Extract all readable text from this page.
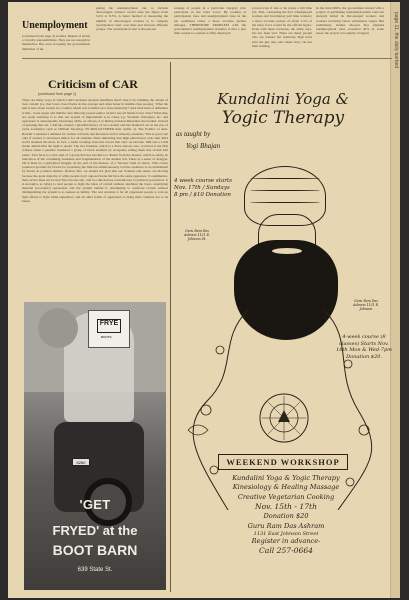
page 11, the daily barbed
Unemployment
(continued from page 4) worked. Instead of attack or loyalty responsibilities. They are not enough in themselves. But even accepting the governments definition of un-
paring the unemployment rate to include discouraged workers would raise the figure from 5.4% to 9.3%. A better method of measuring the number of discouraged workers is to compare 'participation rates' over time and between different groups. The 'participation rate' is the percent
centage of people in a particular category who participate in the labor force. By looking at participation rates and unemployment rates in the ten wealthiest cities, a more accurate picture emerges. THEREFORE PROBLEM with the government's unemployment statistics is that a part time worker is counted as fully employed
proved even if she or he wants a full time job. That, contrasting the fact: Unemployed workers and involuntary part time workers; a more accurate picture of about 1.5% of the labor force would be the official figure. Even with these revisions, the study says, has not been told. There are many people who are trained but relatively high level jobs but just take jobs where they can use their training.
In the mid-1960's, the government started with a project of publishing underemployment rates but abruptly halted its discouraged workers and workers receiving below subsistence wages. But preliminary studies showed that adjusted unemployment rates exceeded 40% in some areas; the project was quietly scrapped.
Criticism of CAR
(continued from page 1)
There are many ways in which CAR's insistent analysis manifests itself. One is by brushing the advent of 'new racism' (i.e. that lower class blacks do the average and often better in middle class people). 'What the hell is new about racism in a country which was founded on a slave mentality?' And what kind of definition is this - lower upper and middle class minority people earlier racists? Are all blacks lower class? What they are really referring to is that our system of imperialism is in crises e.g. Vietnam, Watergate, etc. and repression is subsequently increasing while, as always, it is hitting national minorities the hardest. Instead of pointing this out, CAR has created a ghoulish theory of 'neo-racism' and has blamed it all on the rise of racist academics such as William Shockley. IN MID-OCTOBER their leaflet on 'The Politics of Anti-Racism' contained a demand for 'tuition roll-back and increased aid for minority students.' This is good, but only if related to increased tuition for all students while indicating that high educational costs hurt third world students the most. In fact, a white working class kid voiced this view on October 16th and a CAR leader denied him the right to speak. The last example, which is a more serious case, occurred at the film critique when a panelist slandered a group of black students by arrogantly telling them that racism still exists. That facet is a sure sign of a group that has become too distant from the masses, which is surely an indication of the continuing weakness and fragmentation of the student left. There is a sense of struggle, but it must be a principled struggle on the part of the masses, of a 'Saviour' kind of stance. This course produced grounds for blacks for protesting the film but simultaneously told the audience to be intimidated by blacks in political matters. Review this, we should not glad that our brothers and sisters are moving because the great majority of white people don't oppose blacks but have the same oppressor. To summarize, their tactics must not be tied 'first into the sky,' and in a much more contradictory to political perversions. It is deceptive as trying to lead people to fight the ideas of racism without attacking the basic, underlying material (economic) oppression and the system behind it. Attempting to eradicate racism without distinguishing the system is as useless as futility. The real solution is for all oppressed people to join up their efforts to fight white supremacy and all other forms of oppression to bring their common foe to its knees.
FRYE
BOOTS
6260
'GET
FRYED' at the
BOOT BARN
639 State St.
Kundalini Yoga &
Yogic Therapy
as taught by
Yogi Bhajan
4 week course starts Nov. 17th / Sundays 8 pm / $10 Donation
Guru Ram Das Ashram 1131 E. Johnson St.
Guru Ram Das Ashram 1131 E. Johnson
4-week course (8 classes) Starts Nov. 18th Mon & Wed-7pm Donation $20.
WEEKEND WORKSHOP
Kundalini Yoga & Yogic Therapy
Kinesiology & Healing Massage
Creative Vegetarian Cooking
Nov. 15th - 17th
Donation $20
Guru Ram Das Ashram
1131 East Johnson Street
Register in advance-
Call 257-0664
